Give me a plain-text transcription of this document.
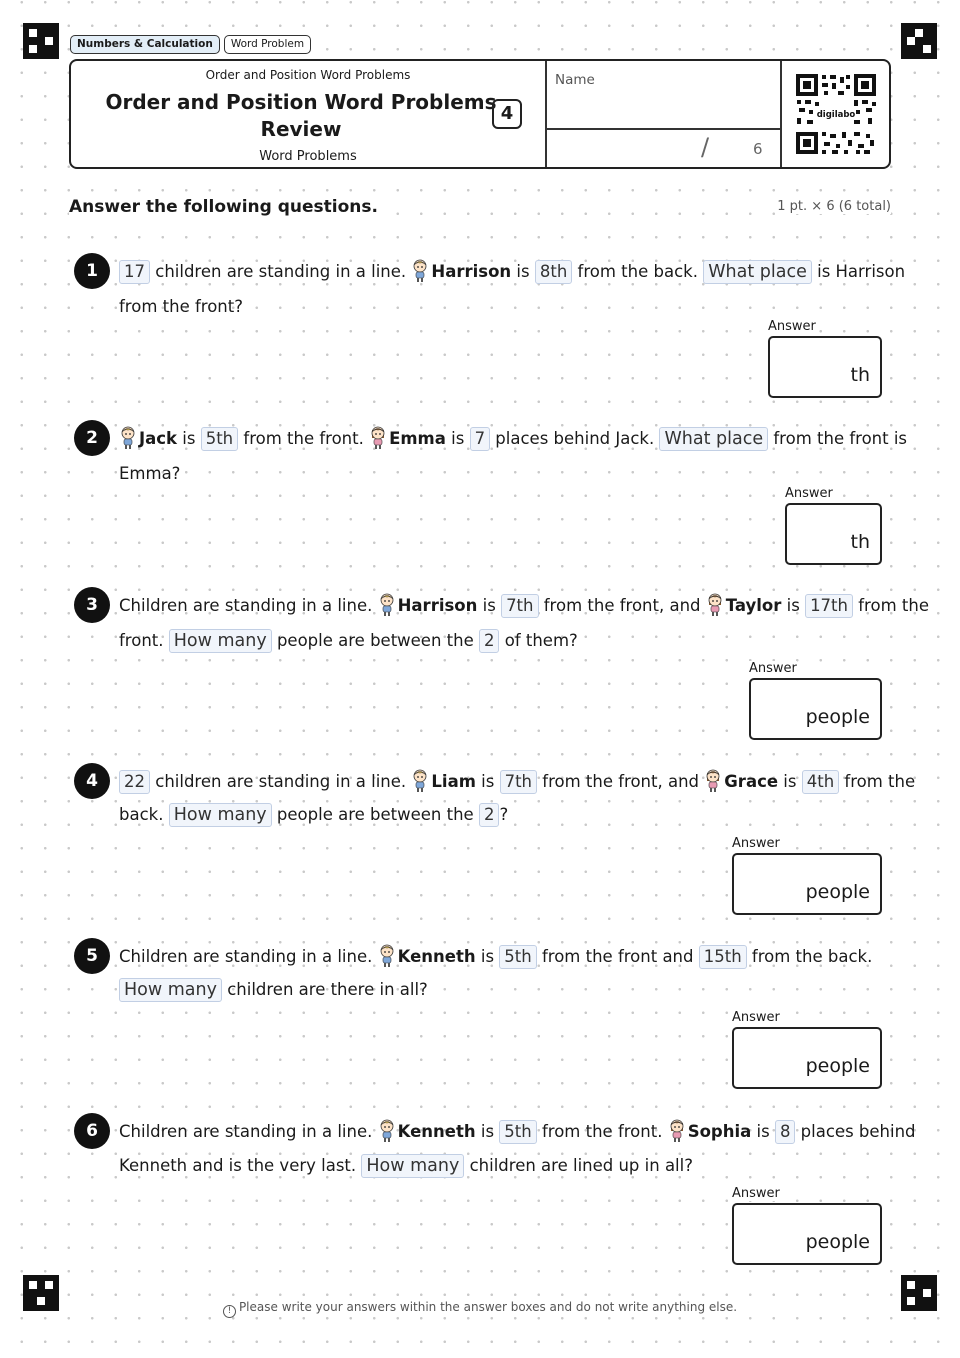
Numbers & Calculation	Word Problem
Order and Position Word Problems
Order and Position Word Problems Review
4
Word Problems
Name
/	6
digilabo
Answer the following questions.	1 pt. × 6 (6 total)
1	17 children are standing in a line. Harrison is 8th from the back. What place is Harrison
from the front?
Answer
th
2	Jack is 5th from the front. Emma is 7 places behind Jack. What place from the front is
Emma?
Answer
th
3	Children are standing in a line. Harrison is 7th from the front, and Taylor is 17th from the
front. How many people are between the 2 of them?
Answer
people
4	22 children are standing in a line. Liam is 7th from the front, and Grace is 4th from the
back. How many people are between the 2 ?
Answer
people
5	Children are standing in a line. Kenneth is 5th from the front and 15th from the back.
How many children are there in all?
Answer
people
6	Children are standing in a line. Kenneth is 5th from the front. Sophia is 8 places behind
Kenneth and is the very last. How many children are lined up in all?
Answer
people
! Please write your answers within the answer boxes and do not write anything else.
